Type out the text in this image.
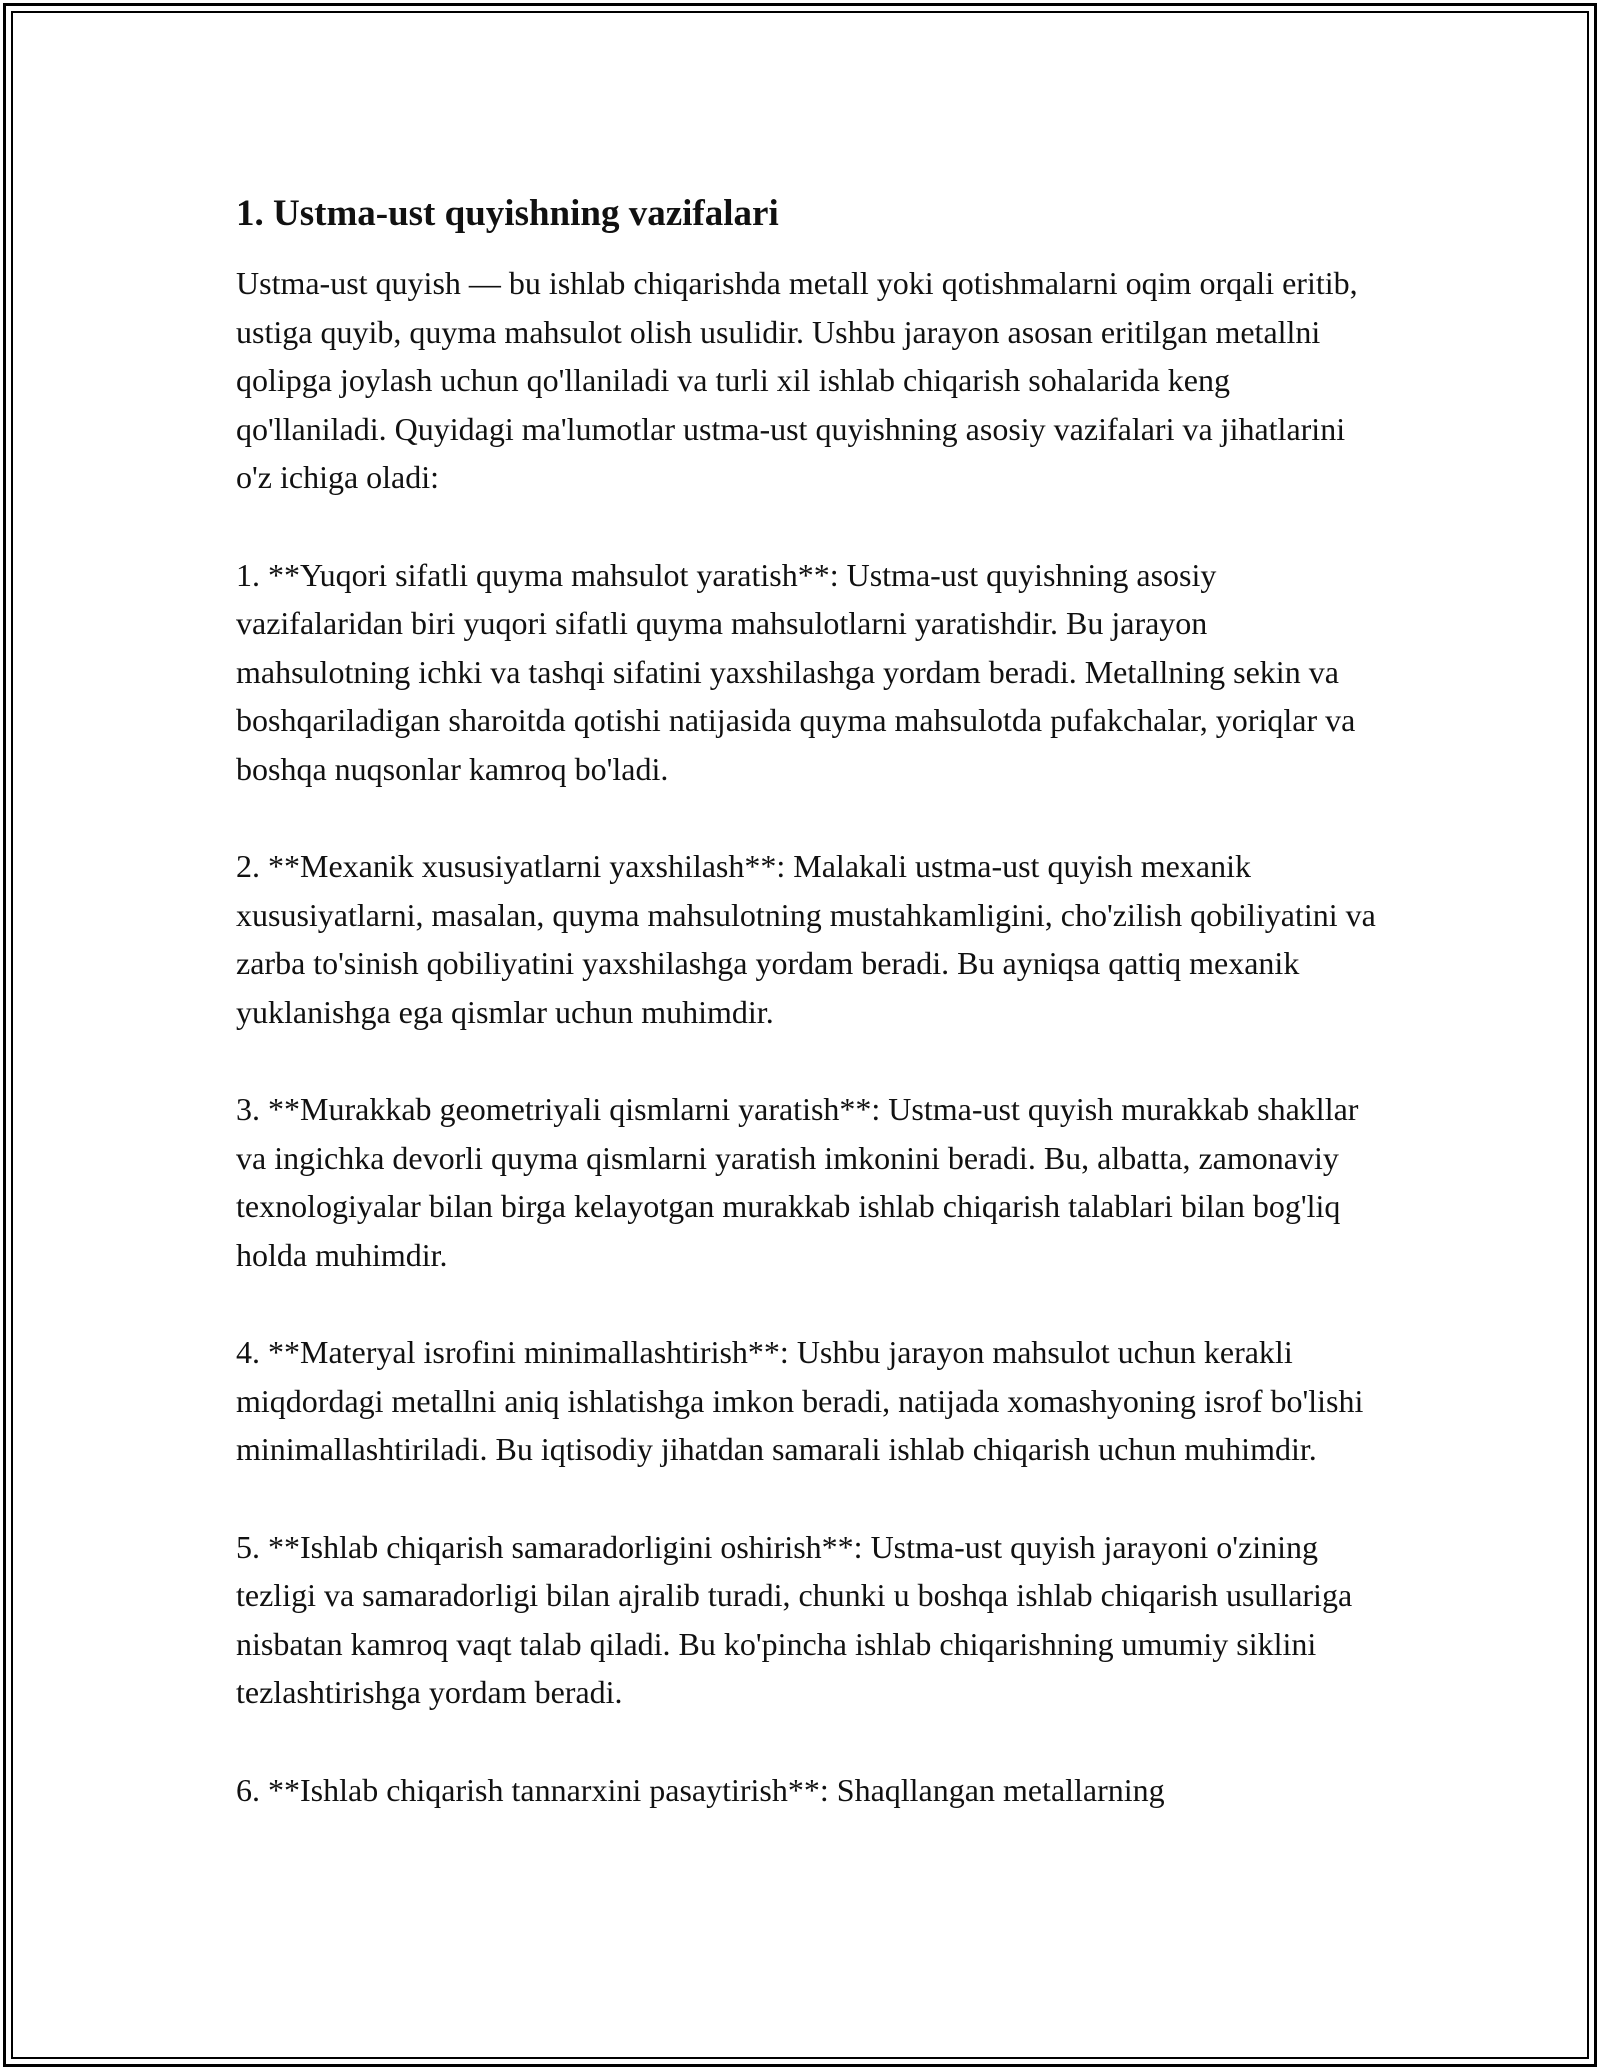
1. Ustma-ust quyishning vazifalari

Ustma-ust quyish — bu ishlab chiqarishda metall yoki qotishmalarni oqim orqali eritib, ustiga quyib, quyma mahsulot olish usulidir. Ushbu jarayon asosan eritilgan metallni qolipga joylash uchun qo'llaniladi va turli xil ishlab chiqarish sohalarida keng qo'llaniladi. Quyidagi ma'lumotlar ustma-ust quyishning asosiy vazifalari va jihatlarini o'z ichiga oladi:

1. **Yuqori sifatli quyma mahsulot yaratish**: Ustma-ust quyishning asosiy vazifalaridan biri yuqori sifatli quyma mahsulotlarni yaratishdir. Bu jarayon mahsulotning ichki va tashqi sifatini yaxshilashga yordam beradi. Metallning sekin va boshqariladigan sharoitda qotishi natijasida quyma mahsulotda pufakchalar, yoriqlar va boshqa nuqsonlar kamroq bo'ladi.

2. **Mexanik xususiyatlarni yaxshilash**: Malakali ustma-ust quyish mexanik xususiyatlarni, masalan, quyma mahsulotning mustahkamligini, cho'zilish qobiliyatini va zarba to'sinish qobiliyatini yaxshilashga yordam beradi. Bu ayniqsa qattiq mexanik yuklanishga ega qismlar uchun muhimdir.

3. **Murakkab geometriyali qismlarni yaratish**: Ustma-ust quyish murakkab shakllar va ingichka devorli quyma qismlarni yaratish imkonini beradi. Bu, albatta, zamonaviy texnologiyalar bilan birga kelayotgan murakkab ishlab chiqarish talablari bilan bog'liq holda muhimdir.

4. **Materyal isrofini minimallashtirish**: Ushbu jarayon mahsulot uchun kerakli miqdordagi metallni aniq ishlatishga imkon beradi, natijada xomashyoning isrof bo'lishi minimallashtiriladi. Bu iqtisodiy jihatdan samarali ishlab chiqarish uchun muhimdir.

5. **Ishlab chiqarish samaradorligini oshirish**: Ustma-ust quyish jarayoni o'zining tezligi va samaradorligi bilan ajralib turadi, chunki u boshqa ishlab chiqarish usullariga nisbatan kamroq vaqt talab qiladi. Bu ko'pincha ishlab chiqarishning umumiy siklini tezlashtirishga yordam beradi.

6. **Ishlab chiqarish tannarxini pasaytirish**: Shaqllangan metallarning
